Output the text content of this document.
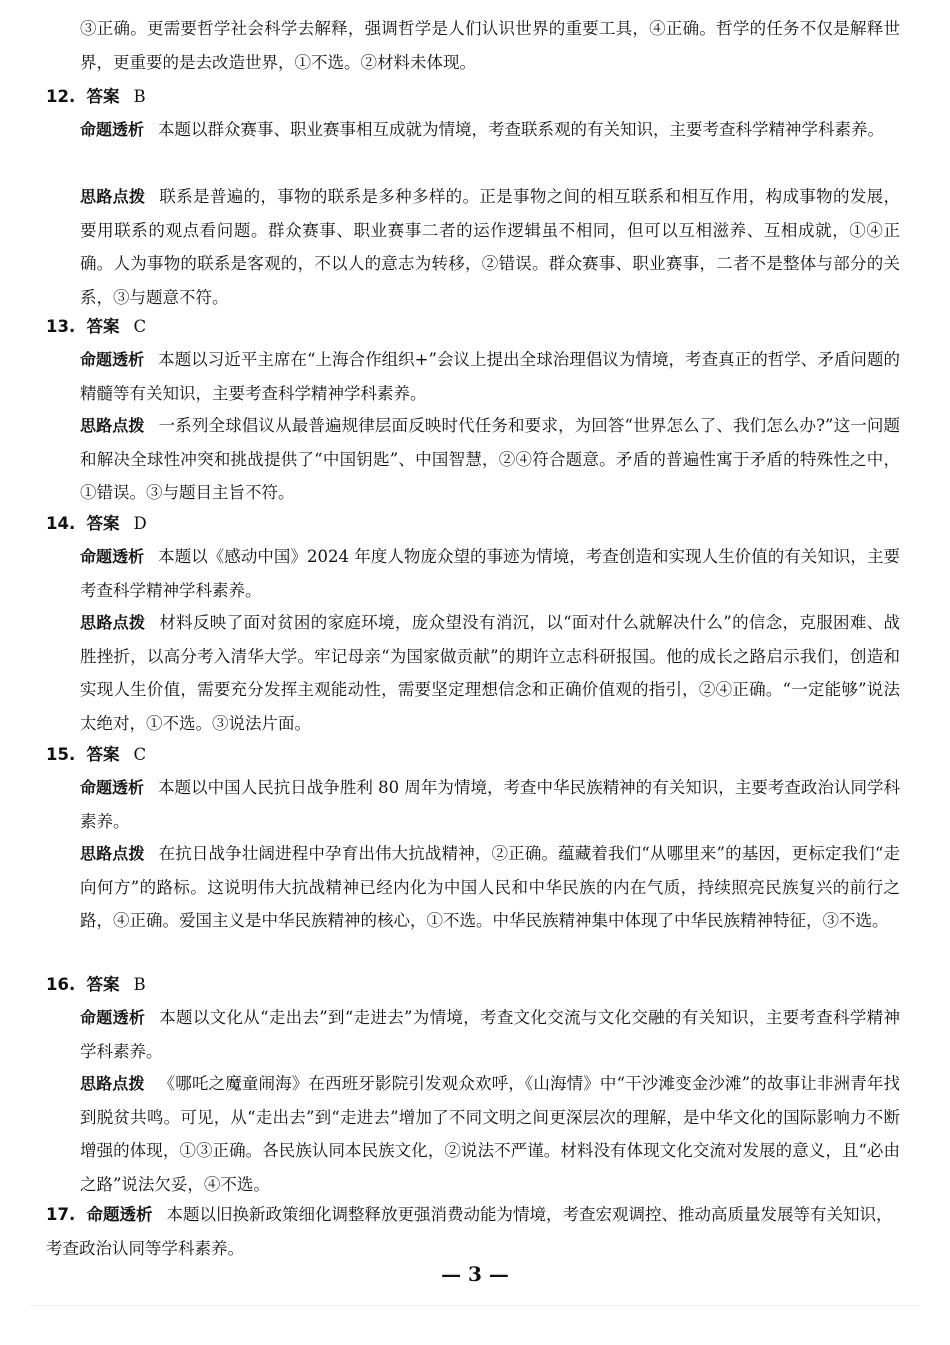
③正确。更需要哲学社会科学去解释，强调哲学是人们认识世界的重要工具，④正确。哲学的任务不仅是解释世界，更重要的是去改造世界，①不选。②材料未体现。

12. 答案 B

命题透析 本题以群众赛事、职业赛事相互成就为情境，考查联系观的有关知识，主要考查科学精神学科素养。

思路点拨 联系是普遍的，事物的联系是多种多样的。正是事物之间的相互联系和相互作用，构成事物的发展，要用联系的观点看问题。群众赛事、职业赛事二者的运作逻辑虽不相同，但可以互相滋养、互相成就，①④正确。人为事物的联系是客观的，不以人的意志为转移，②错误。群众赛事、职业赛事，二者不是整体与部分的关系，③与题意不符。

13. 答案 C

命题透析 本题以习近平主席在“上海合作组织+”会议上提出全球治理倡议为情境，考查真正的哲学、矛盾问题的精髓等有关知识，主要考查科学精神学科素养。

思路点拨 一系列全球倡议从最普遍规律层面反映时代任务和要求，为回答“世界怎么了、我们怎么办?”这一问题和解决全球性冲突和挑战提供了“中国钥匙”、中国智慧，②④符合题意。矛盾的普遍性寓于矛盾的特殊性之中，①错误。③与题目主旨不符。

14. 答案 D

命题透析 本题以《感动中国》2024 年度人物庞众望的事迹为情境，考查创造和实现人生价值的有关知识，主要考查科学精神学科素养。

思路点拨 材料反映了面对贫困的家庭环境，庞众望没有消沉，以“面对什么就解决什么”的信念，克服困难、战胜挫折，以高分考入清华大学。牢记母亲“为国家做贡献”的期许立志科研报国。他的成长之路启示我们，创造和实现人生价值，需要充分发挥主观能动性，需要坚定理想信念和正确价值观的指引，②④正确。“一定能够”说法太绝对，①不选。③说法片面。

15. 答案 C

命题透析 本题以中国人民抗日战争胜利 80 周年为情境，考查中华民族精神的有关知识，主要考查政治认同学科素养。

思路点拨 在抗日战争壮阔进程中孕育出伟大抗战精神，②正确。蕴藏着我们“从哪里来”的基因，更标定我们“走向何方”的路标。这说明伟大抗战精神已经内化为中国人民和中华民族的内在气质，持续照亮民族复兴的前行之路，④正确。爱国主义是中华民族精神的核心，①不选。中华民族精神集中体现了中华民族精神特征，③不选。

16. 答案 B

命题透析 本题以文化从“走出去”到“走进去”为情境，考查文化交流与文化交融的有关知识，主要考查科学精神学科素养。

思路点拨 《哪吒之魔童闹海》在西班牙影院引发观众欢呼，《山海情》中“干沙滩变金沙滩”的故事让非洲青年找到脱贫共鸣。可见，从“走出去”到“走进去”增加了不同文明之间更深层次的理解，是中华文化的国际影响力不断增强的体现，①③正确。各民族认同本民族文化，②说法不严谨。材料没有体现文化交流对发展的意义，且“必由之路”说法欠妥，④不选。

17. 命题透析 本题以旧换新政策细化调整释放更强消费动能为情境，考查宏观调控、推动高质量发展等有关知识，考查政治认同等学科素养。

— 3 —
